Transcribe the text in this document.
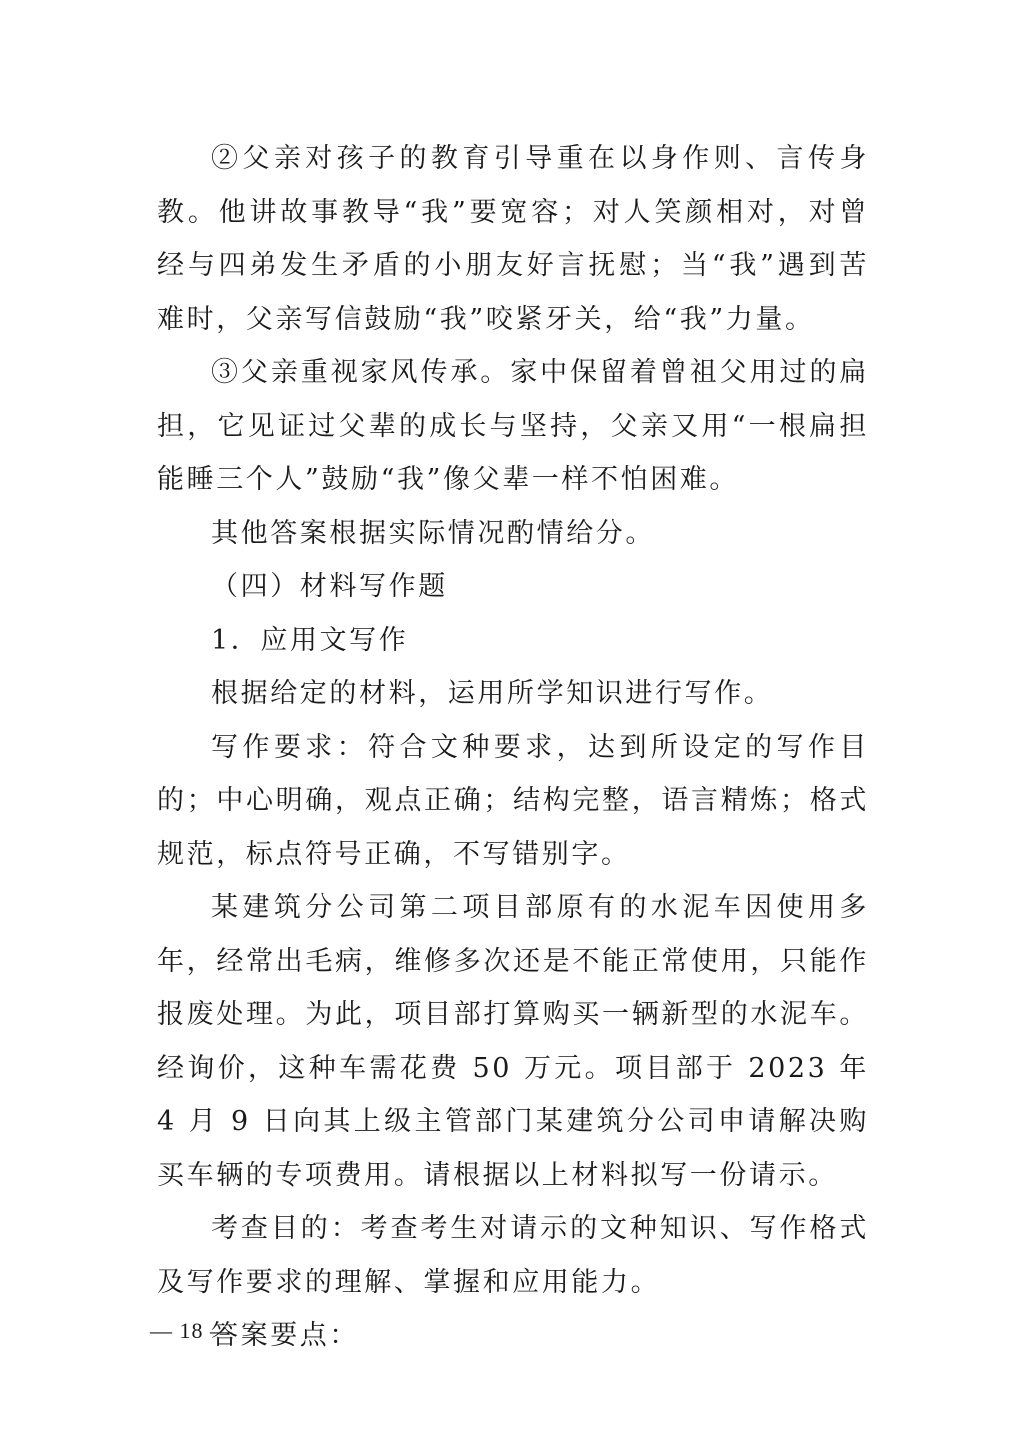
②父亲对孩子的教育引导重在以身作则、言传身教。他讲故事教导“我”要宽容；对人笑颜相对，对曾经与四弟发生矛盾的小朋友好言抚慰；当“我”遇到苦难时，父亲写信鼓励“我”咬紧牙关，给“我”力量。

③父亲重视家风传承。家中保留着曾祖父用过的扁担，它见证过父辈的成长与坚持，父亲又用“一根扁担能睡三个人”鼓励“我”像父辈一样不怕困难。

其他答案根据实际情况酌情给分。

（四）材料写作题

1．应用文写作

根据给定的材料，运用所学知识进行写作。

写作要求：符合文种要求，达到所设定的写作目的；中心明确，观点正确；结构完整，语言精炼；格式规范，标点符号正确，不写错别字。

某建筑分公司第二项目部原有的水泥车因使用多年，经常出毛病，维修多次还是不能正常使用，只能作报废处理。为此，项目部打算购买一辆新型的水泥车。经询价，这种车需花费 50 万元。项目部于 2023 年 4 月 9 日向其上级主管部门某建筑分公司申请解决购买车辆的专项费用。请根据以上材料拟写一份请示。

考查目的：考查考生对请示的文种知识、写作格式及写作要求的理解、掌握和应用能力。

答案要点：

— 18 —
